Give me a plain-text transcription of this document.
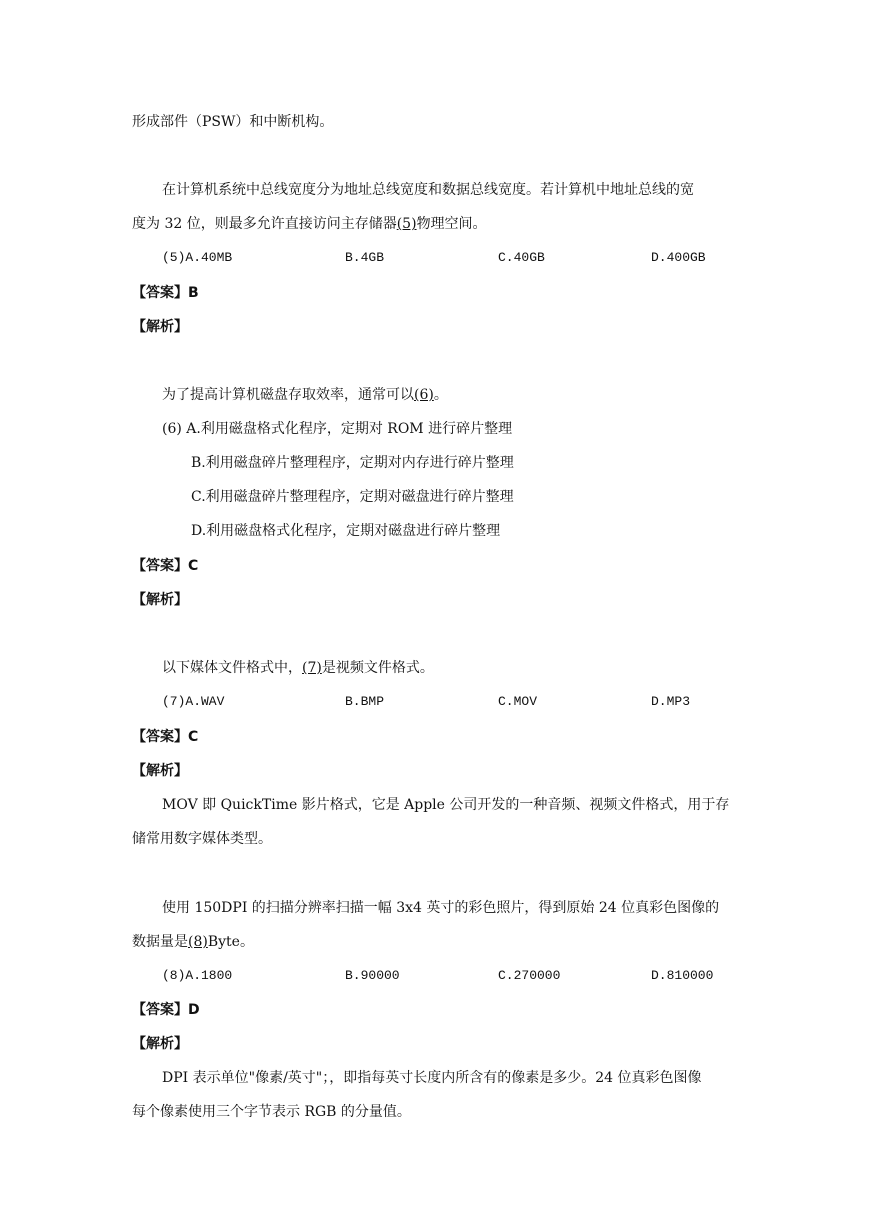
形成部件（PSW）和中断机构。
在计算机系统中总线宽度分为地址总线宽度和数据总线宽度。若计算机中地址总线的宽
度为 32 位，则最多允许直接访问主存储器(5)物理空间。
(5)A.40MB	B.4GB	C.40GB	D.400GB
【答案】B
【解析】
为了提高计算机磁盘存取效率，通常可以(6)。
(6) A.利用磁盘格式化程序，定期对 ROM 进行碎片整理
B.利用磁盘碎片整理程序，定期对内存进行碎片整理
C.利用磁盘碎片整理程序，定期对磁盘进行碎片整理
D.利用磁盘格式化程序，定期对磁盘进行碎片整理
【答案】C
【解析】
以下媒体文件格式中，(7)是视频文件格式。
(7)A.WAV	B.BMP	C.MOV	D.MP3
【答案】C
【解析】
MOV 即 QuickTime 影片格式，它是 Apple 公司开发的一种音频、视频文件格式，用于存
储常用数字媒体类型。
使用 150DPI 的扫描分辨率扫描一幅 3x4 英寸的彩色照片，得到原始 24 位真彩色图像的
数据量是(8)Byte。
(8)A.1800	B.90000	C.270000	D.810000
【答案】D
【解析】
DPI 表示单位"像素/英寸"；，即指每英寸长度内所含有的像素是多少。24 位真彩色图像
每个像素使用三个字节表示 RGB 的分量值。
